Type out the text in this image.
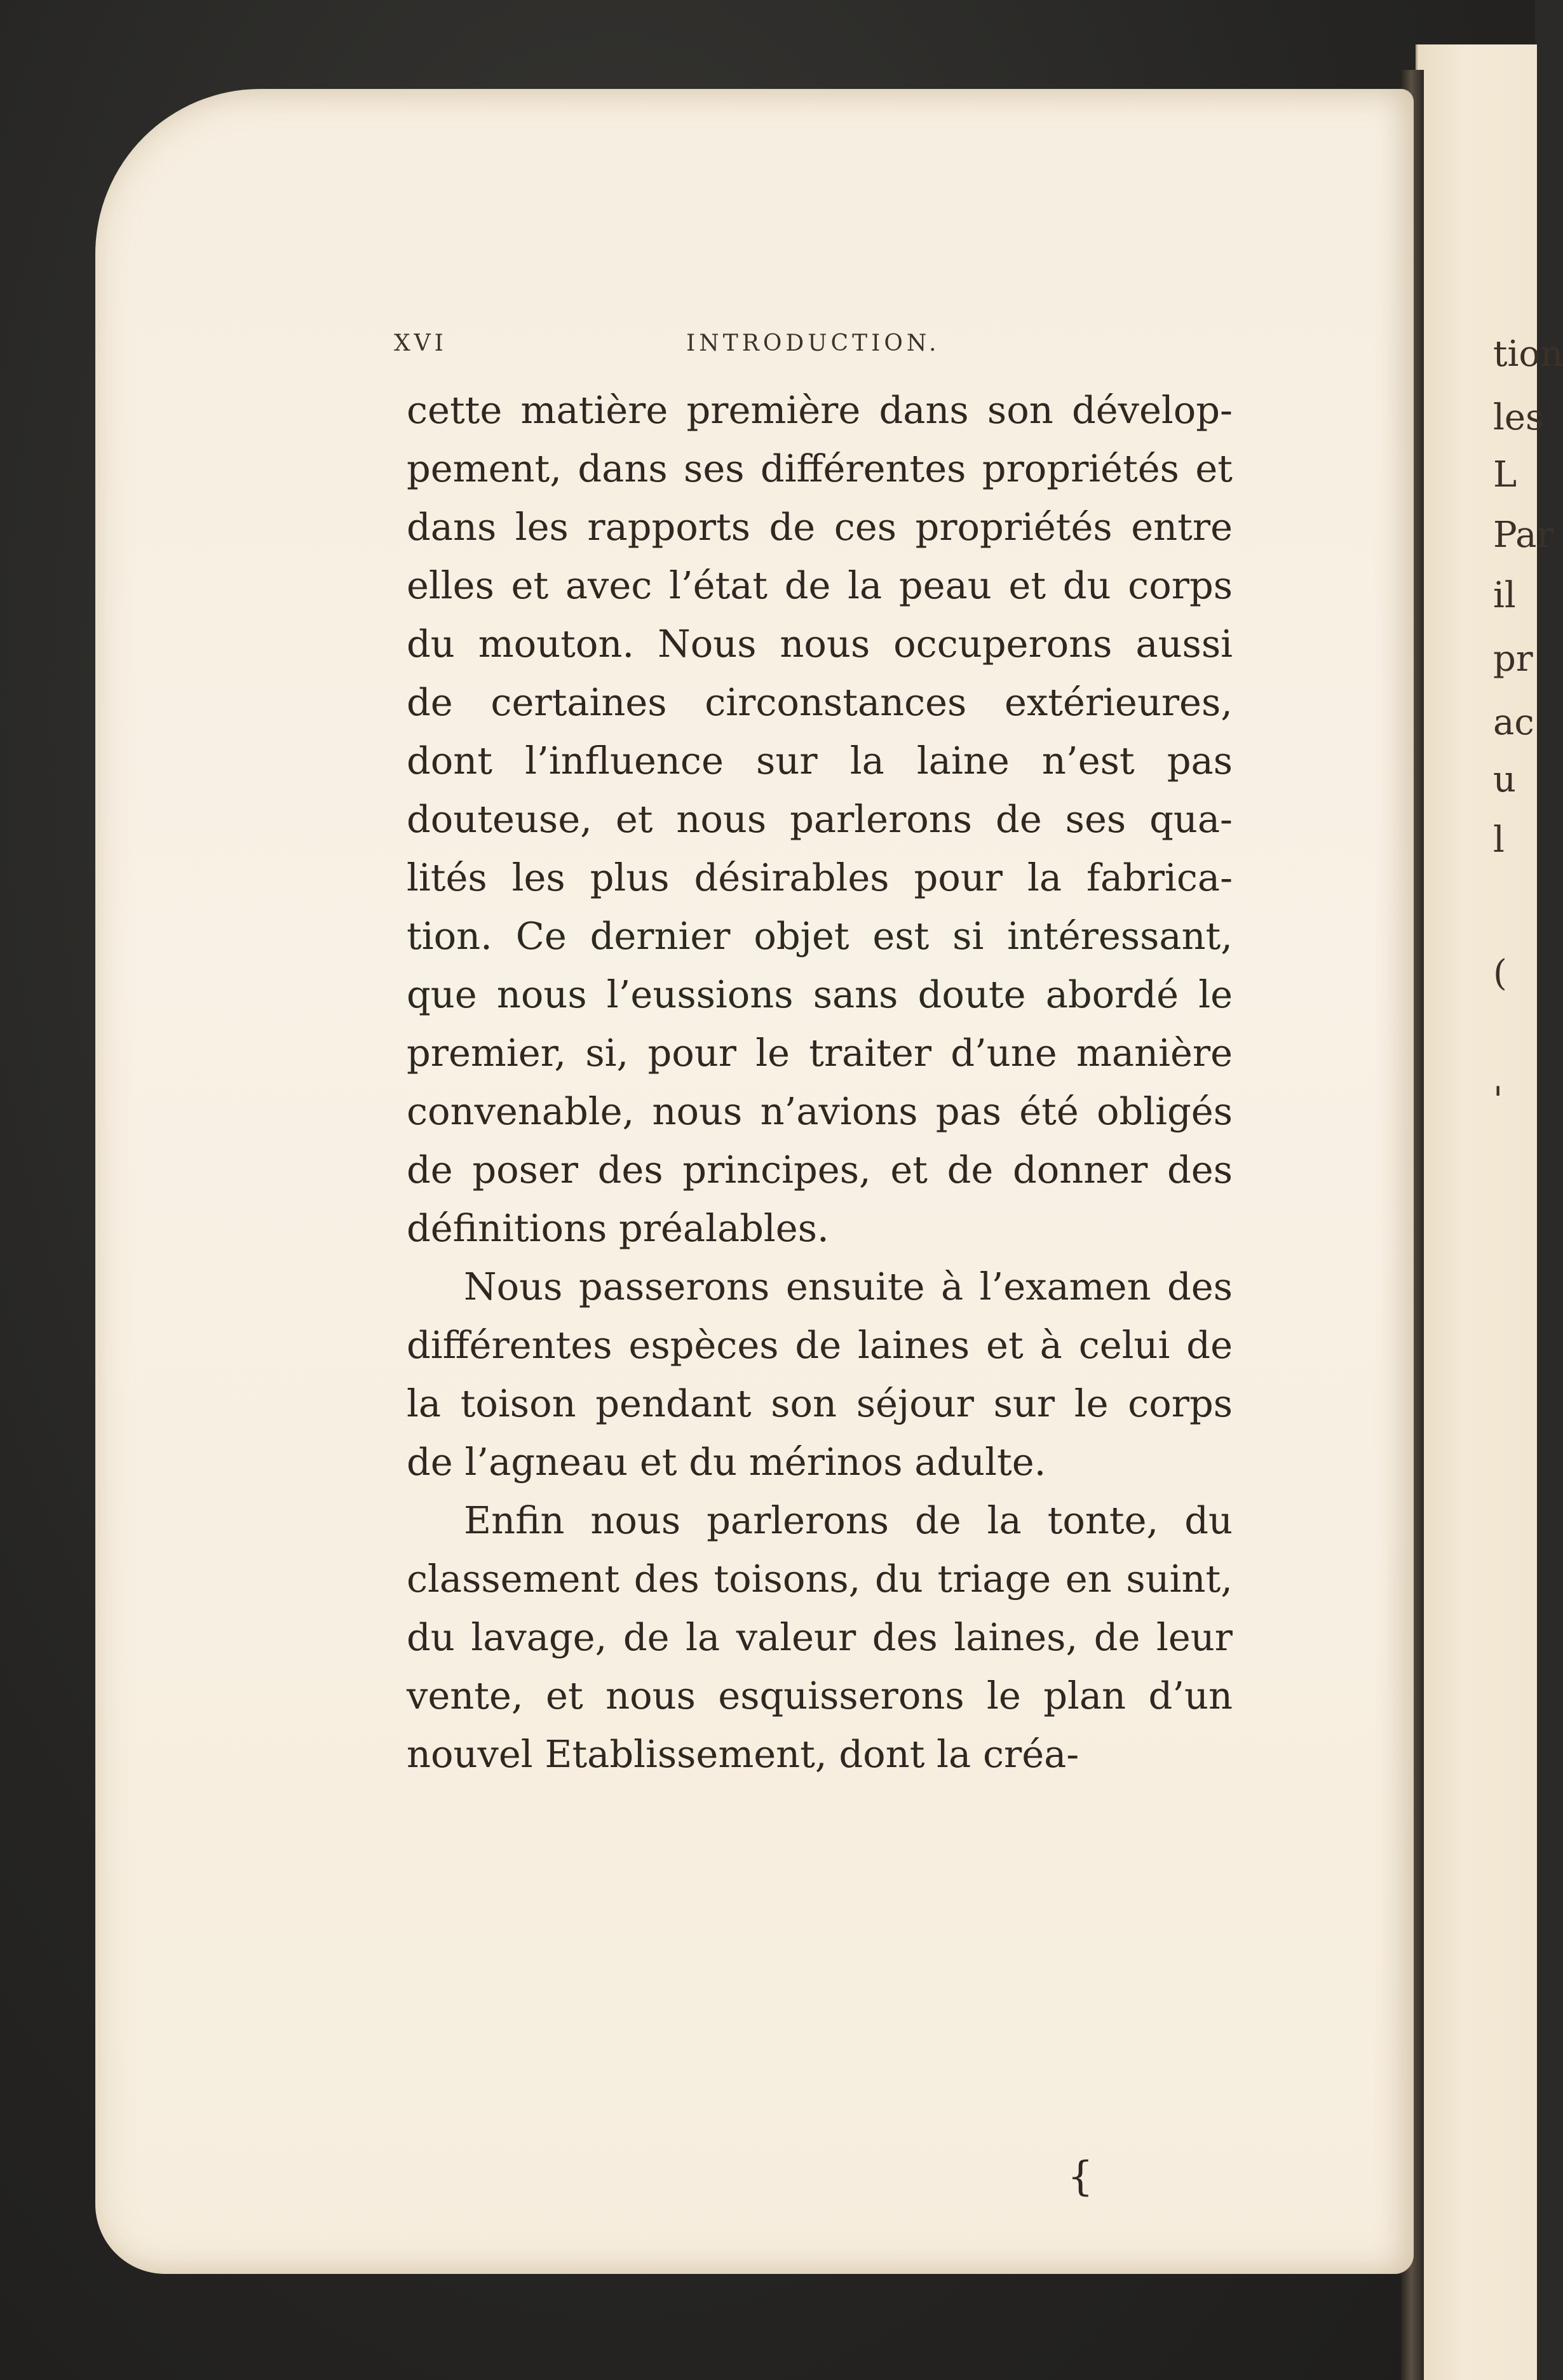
tion
les
L
Par
il
pr
ac
u
l
(
'
XVI	INTRODUCTION.

cette matière première dans son dévelop-pement, dans ses différentes propriétés et dans les rapports de ces propriétés entre elles et avec l’état de la peau et du corps du mouton. Nous nous occuperons aussi de certaines circonstances extérieures, dont l’influence sur la laine n’est pas douteuse, et nous parlerons de ses qua-lités les plus désirables pour la fabrica-tion. Ce dernier objet est si intéressant, que nous l’eussions sans doute abordé le premier, si, pour le traiter d’une manière convenable, nous n’avions pas été obligés de poser des principes, et de donner des définitions préalables.

Nous passerons ensuite à l’examen des différentes espèces de laines et à celui de la toison pendant son séjour sur le corps de l’agneau et du mérinos adulte.

Enfin nous parlerons de la tonte, du classement des toisons, du triage en suint, du lavage, de la valeur des laines, de leur vente, et nous esquisserons le plan d’un nouvel Etablissement, dont la créa-

{
